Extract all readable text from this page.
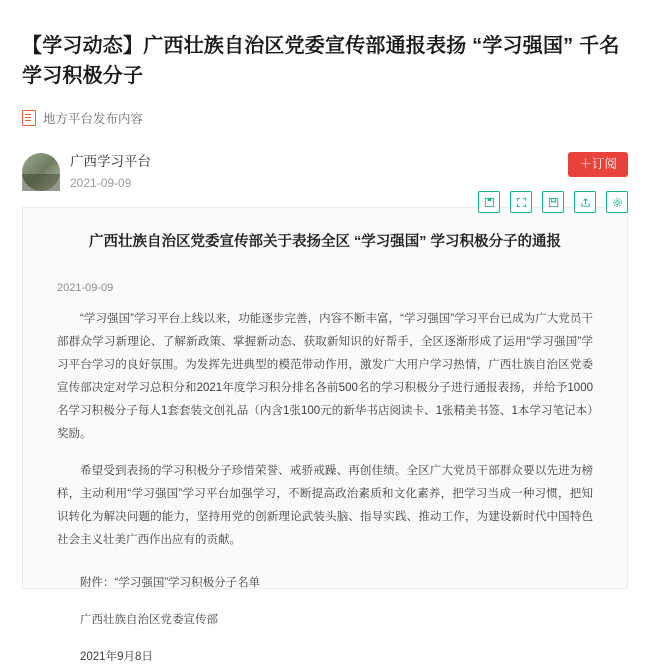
【学习动态】广西壮族自治区党委宣传部通报表扬 “学习强国” 千名学习积极分子
地方平台发布内容
广西学习平台
2021-09-09
＋订阅
广西壮族自治区党委宣传部关于表扬全区 “学习强国” 学习积极分子的通报
2021-09-09

“学习强国”学习平台上线以来，功能逐步完善，内容不断丰富，“学习强国”学习平台已成为广大党员干部群众学习新理论、了解新政策、掌握新动态、获取新知识的好帮手，全区逐渐形成了运用“学习强国”学习平台学习的良好氛围。为发挥先进典型的模范带动作用，激发广大用户学习热情，广西壮族自治区党委宣传部决定对学习总积分和2021年度学习积分排名各前500名的学习积极分子进行通报表扬，并给予1000名学习积极分子每人1套套装文创礼品（内含1张100元的新华书店阅读卡、1张精美书签、1本学习笔记本）奖励。

希望受到表扬的学习积极分子珍惜荣誉、戒骄戒躁、再创佳绩。全区广大党员干部群众要以先进为榜样，主动利用“学习强国”学习平台加强学习，不断提高政治素质和文化素养，把学习当成一种习惯，把知识转化为解决问题的能力，坚持用党的创新理论武装头脑、指导实践、推动工作，为建设新时代中国特色社会主义壮美广西作出应有的贡献。

附件：“学习强国”学习积极分子名单

广西壮族自治区党委宣传部

2021年9月8日
